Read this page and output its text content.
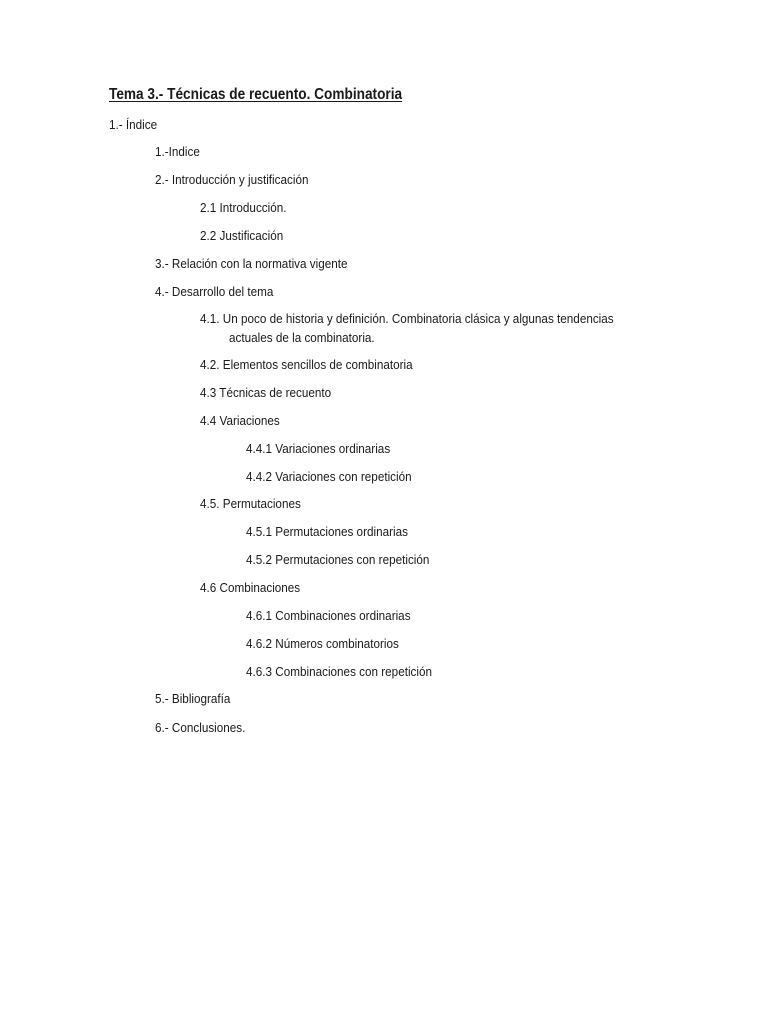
Tema 3.- Técnicas de recuento. Combinatoria
1.- Índice
1.-Indice
2.- Introducción y justificación
2.1 Introducción.
2.2 Justificación
3.- Relación con la normativa vigente
4.- Desarrollo del tema
4.1. Un poco de historia y definición. Combinatoria clásica y algunas tendencias
actuales de la combinatoria.
4.2. Elementos sencillos de combinatoria
4.3 Técnicas de recuento
4.4 Variaciones
4.4.1 Variaciones ordinarias
4.4.2 Variaciones con repetición
4.5. Permutaciones
4.5.1 Permutaciones ordinarias
4.5.2 Permutaciones con repetición
4.6 Combinaciones
4.6.1 Combinaciones ordinarias
4.6.2 Números combinatorios
4.6.3 Combinaciones con repetición
5.- Bibliografía
6.- Conclusiones.
